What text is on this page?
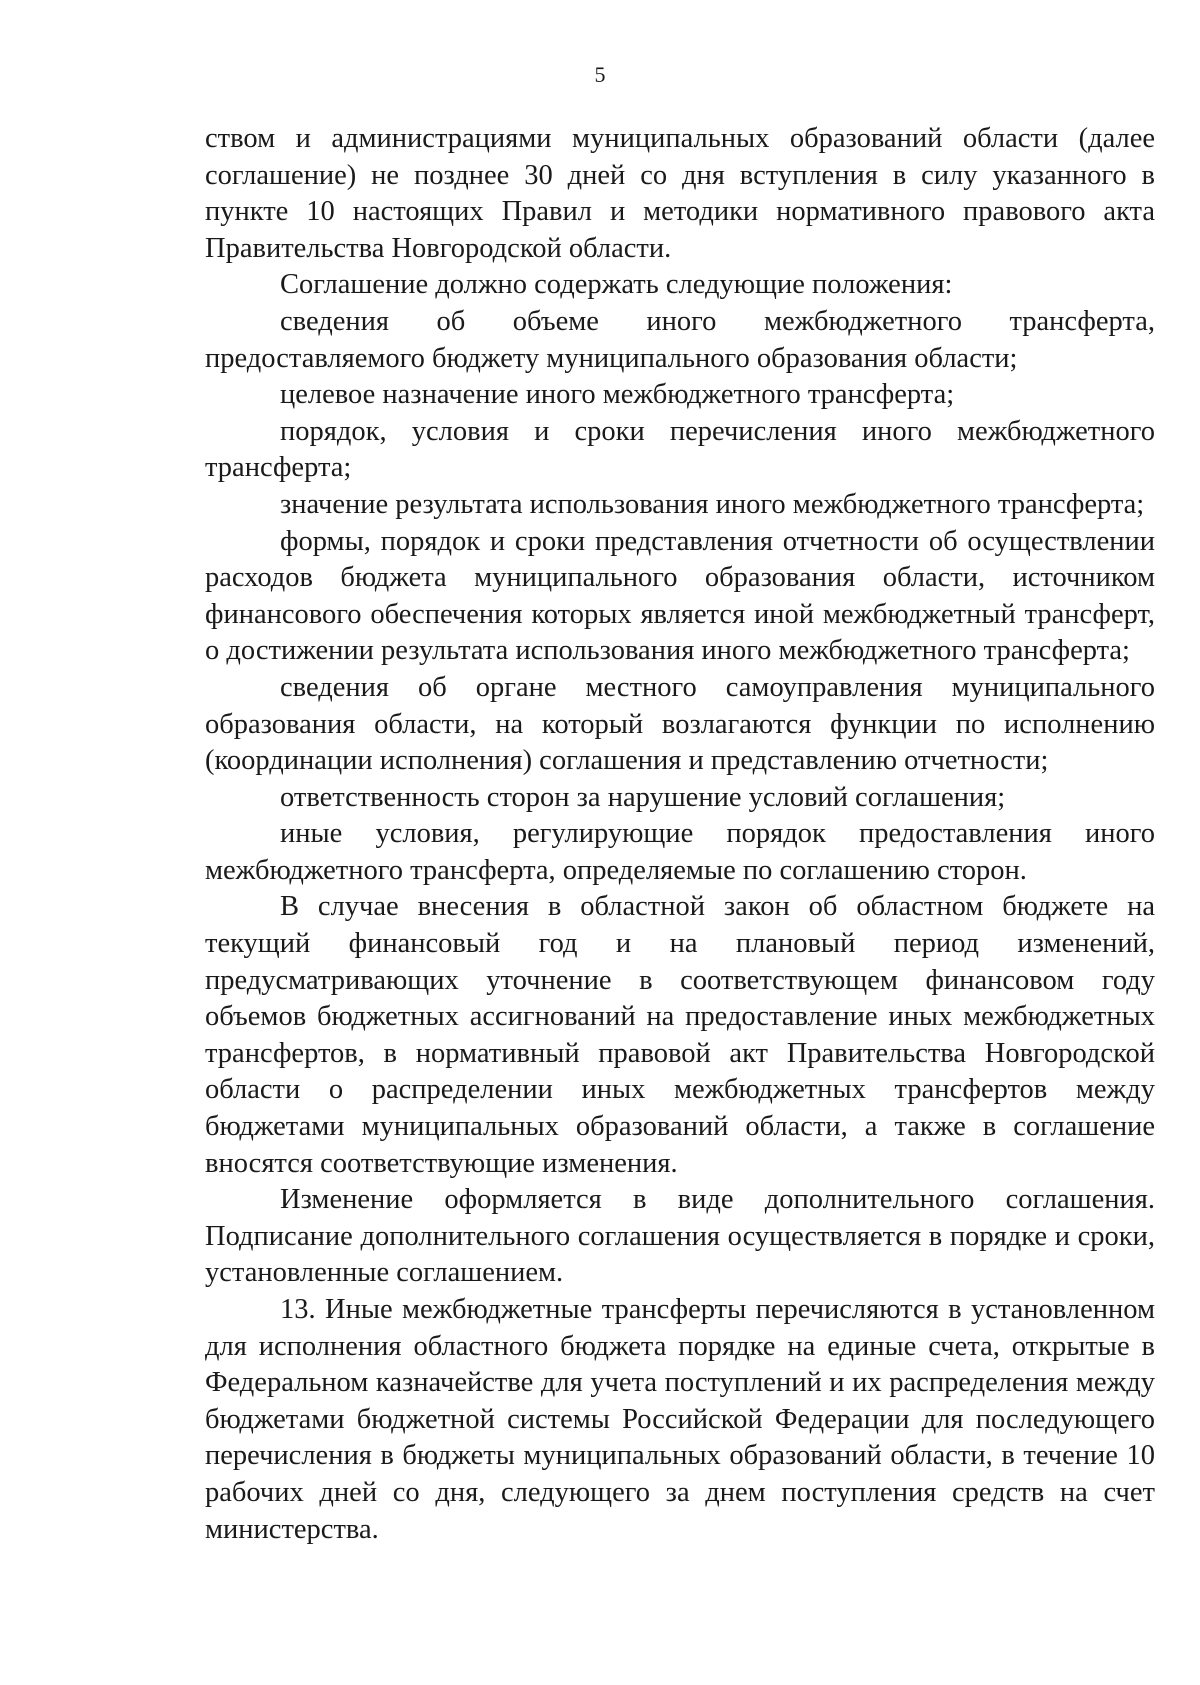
5

ством и администрациями муниципальных образований области (далее соглашение) не позднее 30 дней со дня вступления в силу указанного в пункте 10 настоящих Правил и методики нормативного правового акта Правительства Новгородской области.

Соглашение должно содержать следующие положения:

сведения об объеме иного межбюджетного трансферта, предоставляемого бюджету муниципального образования области;

целевое назначение иного межбюджетного трансферта;

порядок, условия и сроки перечисления иного межбюджетного трансферта;

значение результата использования иного межбюджетного трансферта;

формы, порядок и сроки представления отчетности об осуществлении расходов бюджета муниципального образования области, источником финансового обеспечения которых является иной межбюджетный трансферт, о достижении результата использования иного межбюджетного трансферта;

сведения об органе местного самоуправления муниципального образования области, на который возлагаются функции по исполнению (координации исполнения) соглашения и представлению отчетности;

ответственность сторон за нарушение условий соглашения;

иные условия, регулирующие порядок предоставления иного межбюджетного трансферта, определяемые по соглашению сторон.

В случае внесения в областной закон об областном бюджете на текущий финансовый год и на плановый период изменений, предусматривающих уточнение в соответствующем финансовом году объемов бюджетных ассигнований на предоставление иных межбюджетных трансфертов, в нормативный правовой акт Правительства Новгородской области о распределении иных межбюджетных трансфертов между бюджетами муниципальных образований области, а также в соглашение вносятся соответствующие изменения.

Изменение оформляется в виде дополнительного соглашения. Подписание дополнительного соглашения осуществляется в порядке и сроки, установленные соглашением.

13. Иные межбюджетные трансферты перечисляются в установленном для исполнения областного бюджета порядке на единые счета, открытые в Федеральном казначействе для учета поступлений и их распределения между бюджетами бюджетной системы Российской Федерации для последующего перечисления в бюджеты муниципальных образований области, в течение 10 рабочих дней со дня, следующего за днем поступления средств на счет министерства.
